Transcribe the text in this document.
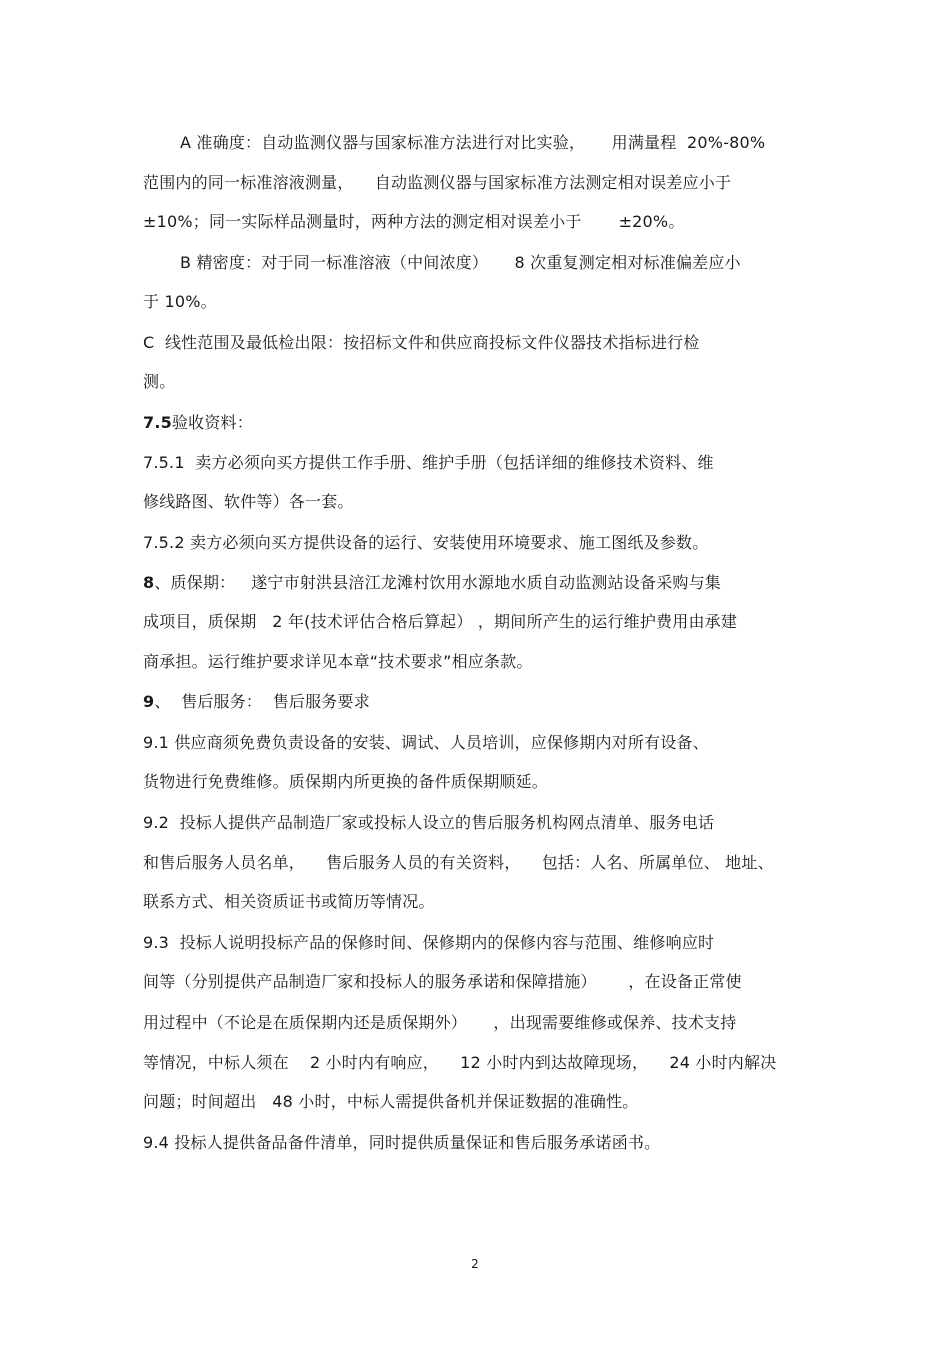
A 准确度：自动监测仪器与国家标准方法进行对比实验，     用满量程  20%-80%
范围内的同一标准溶液测量，    自动监测仪器与国家标准方法测定相对误差应小于
±10%；同一实际样品测量时，两种方法的测定相对误差小于       ±20%。
B 精密度：对于同一标准溶液（中间浓度）     8 次重复测定相对标准偏差应小
于 10%。
C  线性范围及最低检出限：按招标文件和供应商投标文件仪器技术指标进行检
测。
7.5验收资料：
7.5.1  卖方必须向买方提供工作手册、维护手册（包括详细的维修技术资料、维
修线路图、软件等）各一套。
7.5.2 卖方必须向买方提供设备的运行、安装使用环境要求、施工图纸及参数。
8、质保期：   遂宁市射洪县涪江龙滩村饮用水源地水质自动监测站设备采购与集
成项目，质保期   2 年(技术评估合格后算起） ，期间所产生的运行维护费用由承建
商承担。运行维护要求详见本章“技术要求”相应条款。
9、  售后服务：  售后服务要求
9.1 供应商须免费负责设备的安装、调试、人员培训，应保修期内对所有设备、
货物进行免费维修。质保期内所更换的备件质保期顺延。
9.2  投标人提供产品制造厂家或投标人设立的售后服务机构网点清单、服务电话
和售后服务人员名单，    售后服务人员的有关资料，    包括：人名、所属单位、 地址、
联系方式、相关资质证书或简历等情况。
9.3  投标人说明投标产品的保修时间、保修期内的保修内容与范围、维修响应时
间等（分别提供产品制造厂家和投标人的服务承诺和保障措施）      ，在设备正常使
用过程中（不论是在质保期内还是质保期外）     ，出现需要维修或保养、技术支持
等情况，中标人须在    2 小时内有响应，    12 小时内到达故障现场，    24 小时内解决
问题；时间超出   48 小时，中标人需提供备机并保证数据的准确性。
9.4 投标人提供备品备件清单，同时提供质量保证和售后服务承诺函书。
2
